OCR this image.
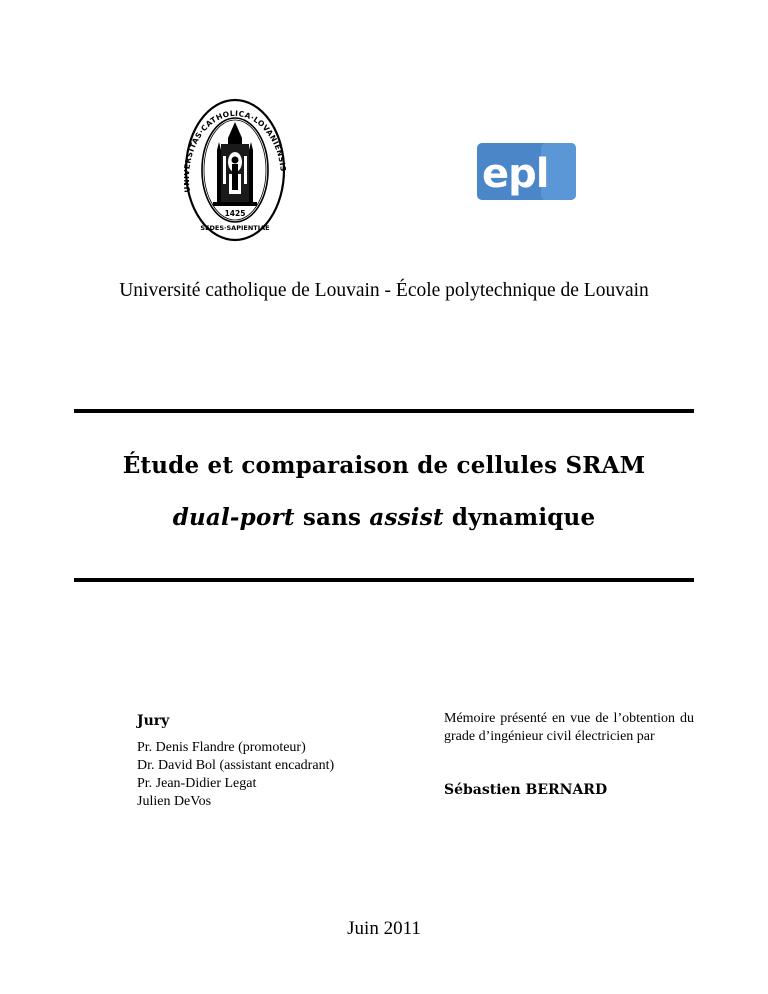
RSITAS·CATHOLICA·LOVANIENS
1425
SEDES·SAPIENTIAE
epl
Université catholique de Louvain - École polytechnique de Louvain
Étude et comparaison de cellules SRAM
dual-port sans assist dynamique
Jury
Pr. Denis Flandre (promoteur)
Dr. David Bol (assistant encadrant)
Pr. Jean-Didier Legat
Julien DeVos
Mémoire présenté en vue de l’obtention du grade d’ingénieur civil électricien par
Sébastien BERNARD
Juin 2011
